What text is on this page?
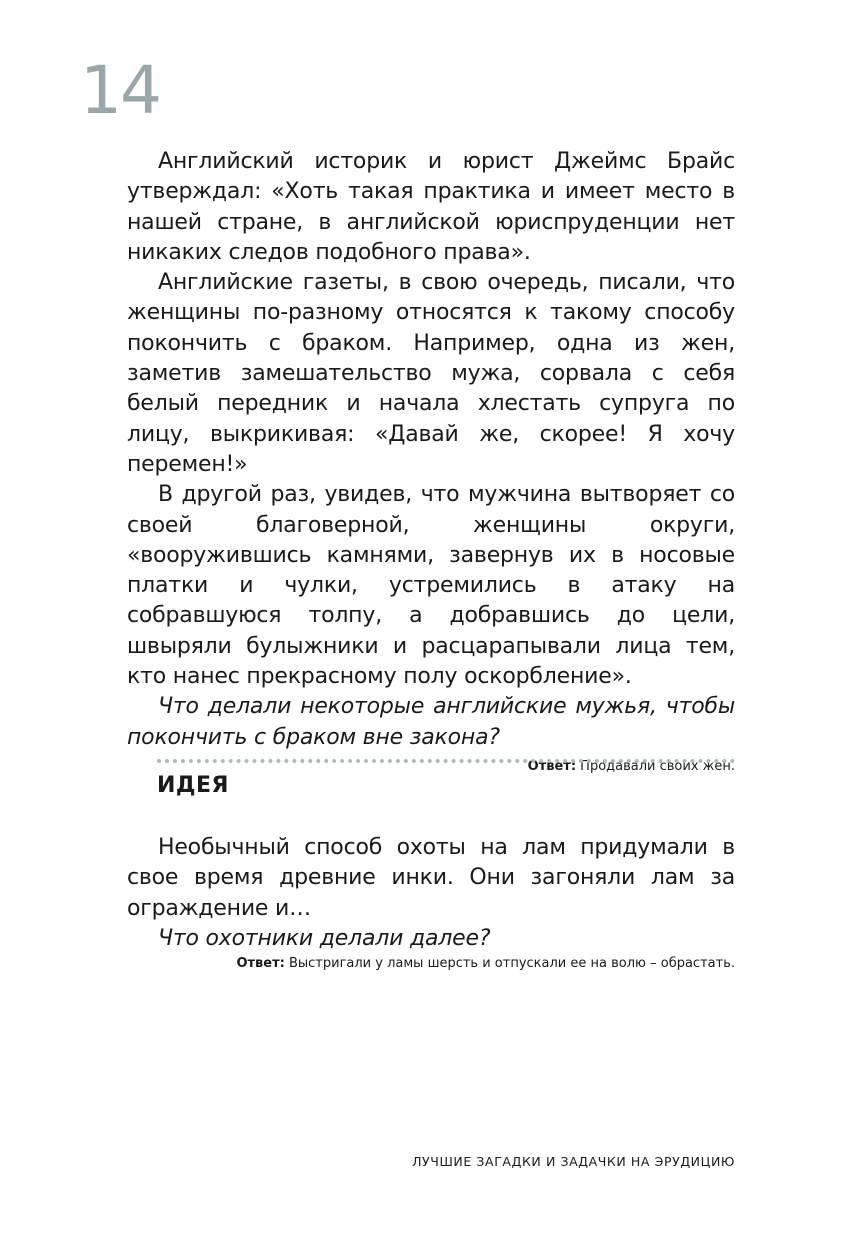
14

Английский историк и юрист Джеймс Брайс утверждал: «Хоть такая практика и имеет место в нашей стране, в английской юриспруденции нет никаких следов подобного права».

Английские газеты, в свою очередь, писали, что женщины по-разному относятся к такому способу покончить с браком. Например, одна из жен, заметив замешательство мужа, сорвала с себя белый передник и начала хлестать супруга по лицу, выкрикивая: «Давай же, скорее! Я хочу перемен!»

В другой раз, увидев, что мужчина вытворяет со своей благоверной, женщины округи, «вооружившись камнями, завернув их в носовые платки и чулки, устремились в атаку на собравшуюся толпу, а добравшись до цели, швыряли булыжники и расцарапывали лица тем, кто нанес прекрасному полу оскорбление».

Что делали некоторые английские мужья, чтобы покончить с браком вне закона?

Ответ: Продавали своих жен.

ИДЕЯ

Необычный способ охоты на лам придумали в свое время древние инки. Они загоняли лам за ограждение и…

Что охотники делали далее?

Ответ: Выстригали у ламы шерсть и отпускали ее на волю – обрастать.

ЛУЧШИЕ ЗАГАДКИ И ЗАДАЧКИ НА ЭРУДИЦИЮ
